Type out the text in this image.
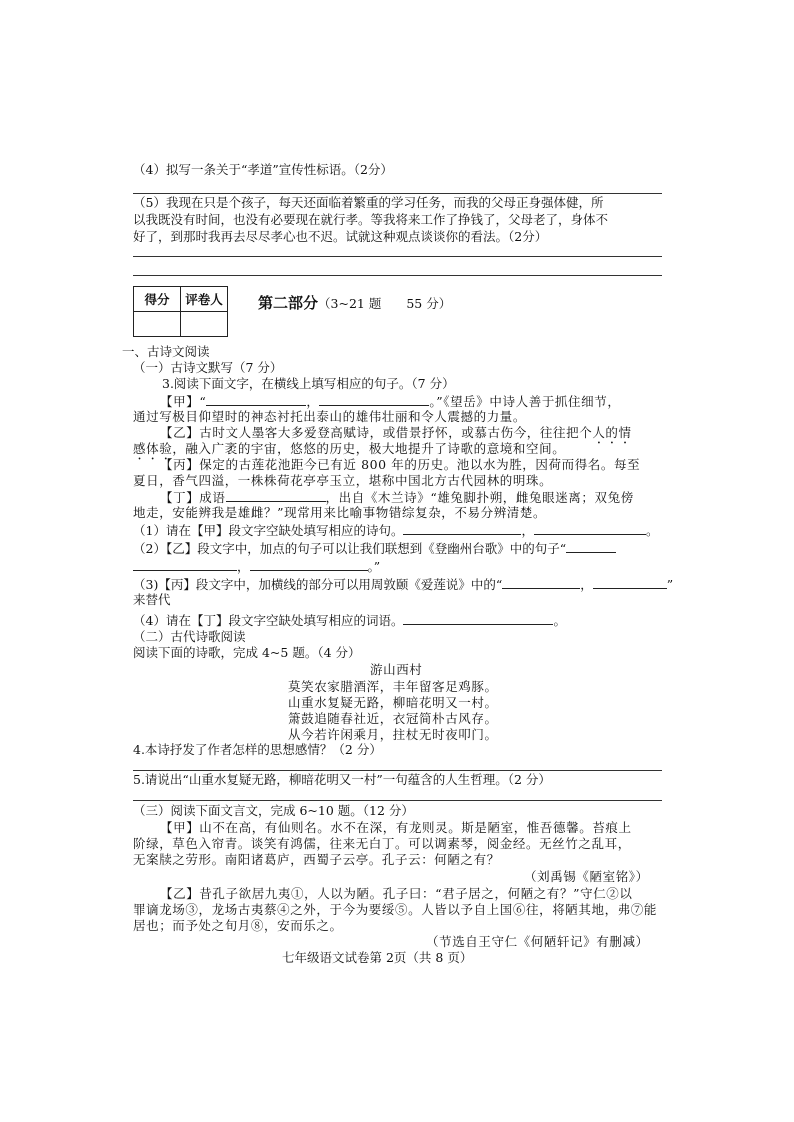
（4）拟写一条关于“孝道”宣传性标语。（2分）
（5）我现在只是个孩子，每天还面临着繁重的学习任务，而我的父母正身强体健，所
以我既没有时间，也没有必要现在就行孝。等我将来工作了挣钱了，父母老了，身体不
好了，到那时我再去尽尽孝心也不迟。试就这种观点谈谈你的看法。（2分）
得分	评卷人
	第二部分（3~21 题　　55 分）
一、古诗文阅读
（一）古诗文默写（7 分）
3.阅读下面文字，在横线上填写相应的句子。（7 分）
【甲】“	，	。”《望岳》中诗人善于抓住细节，
通过写极目仰望时的神态衬托出泰山的雄伟壮丽和令人震撼的力量。
【乙】古时文人墨客大多爱登高赋诗，或借景抒怀，或慕古伤今，往往把个人的情
感体验，融入广袤的宇宙，悠悠的历史，极大地提升了诗歌的意境和空间。
【丙】保定的古莲花池距今已有近 800 年的历史。池以水为胜，因荷而得名。每至
夏日，香气四溢，一株株荷花亭亭玉立，堪称中国北方古代园林的明珠。
【丁】成语	，出自《木兰诗》“雄兔脚扑朔，雌兔眼迷离；双兔傍
地走，安能辨我是雄雌？”现常用来比喻事物错综复杂，不易分辨清楚。
（1）请在【甲】段文字空缺处填写相应的诗句。	，	。
（2）【乙】段文字中，加点的句子可以让我们联想到《登幽州台歌》中的句子“
，	。”
（3)【丙】段文字中，加横线的部分可以用周敦颐《爱莲说》中的“	，	”
来替代
（4）请在【丁】段文字空缺处填写相应的词语。	。
（二）古代诗歌阅读
阅读下面的诗歌，完成 4~5 题。（4 分）
游山西村
莫笑农家腊酒浑，丰年留客足鸡豚。
山重水复疑无路，柳暗花明又一村。
箫鼓追随春社近，衣冠简朴古风存。
从今若许闲乘月，拄杖无时夜叩门。
4.本诗抒发了作者怎样的思想感情？（2 分）
5.请说出“山重水复疑无路，柳暗花明又一村”一句蕴含的人生哲理。（2 分）
（三）阅读下面文言文，完成 6~10 题。（12 分）
【甲】山不在高，有仙则名。水不在深，有龙则灵。斯是陋室，惟吾德馨。苔痕上
阶绿，草色入帘青。谈笑有鸿儒，往来无白丁。可以调素琴，阅金经。无丝竹之乱耳，
无案牍之劳形。南阳诸葛庐，西蜀子云亭。孔子云：何陋之有？
（刘禹锡《陋室铭》）
【乙】昔孔子欲居九夷①，人以为陋。孔子曰：“君子居之，何陋之有？”守仁②以
罪谪龙场③，龙场古夷蔡④之外，于今为要绥⑤。人皆以予自上国⑥往，将陋其地，弗⑦能
居也；而予处之旬月⑧，安而乐之。
（节选自王守仁《何陋轩记》有删减）
七年级语文试卷第 2页（共 8 页）
